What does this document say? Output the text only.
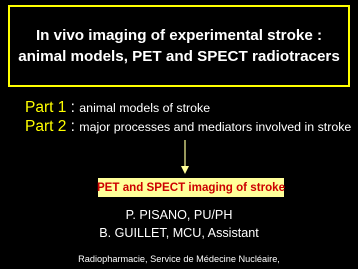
In vivo imaging of experimental stroke :
animal models, PET and SPECT radiotracers
Part 1 : animal models of stroke
Part 2 : major processes and mediators involved in stroke
PET and SPECT imaging of stroke
P. PISANO, PU/PH
B. GUILLET, MCU, Assistant
Radiopharmacie, Service de Médecine Nucléaire,
